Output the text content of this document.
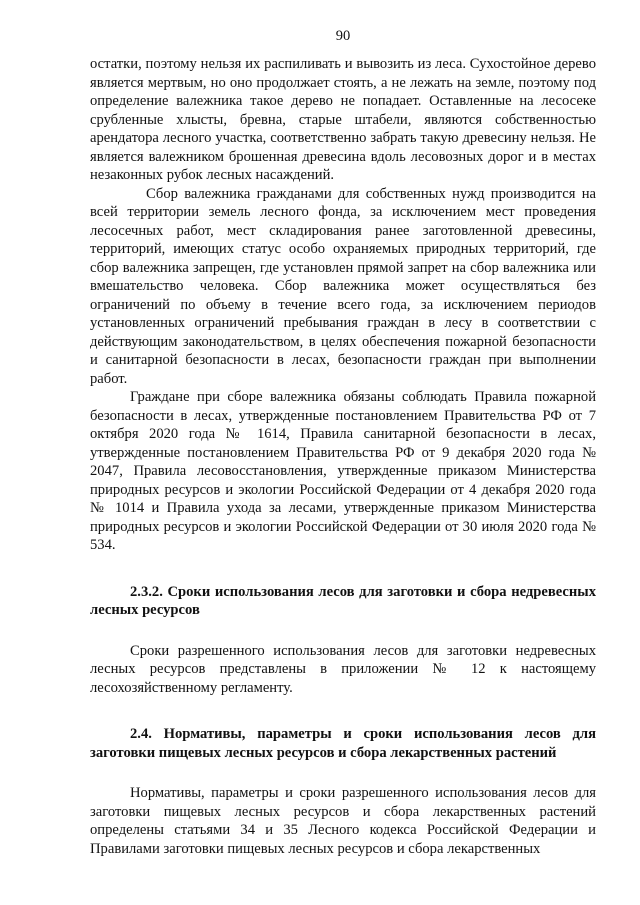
90

остатки, поэтому нельзя их распиливать и вывозить из леса. Сухостойное дерево является мертвым, но оно продолжает стоять, а не лежать на земле, поэтому под определение валежника такое дерево не попадает. Оставленные на лесосеке срубленные хлысты, бревна, старые штабели, являются собственностью арендатора лесного участка, соответственно забрать такую древесину нельзя. Не является валежником брошенная древесина вдоль лесовозных дорог и в местах незаконных рубок лесных насаждений.

Сбор валежника гражданами для собственных нужд производится на всей территории земель лесного фонда, за исключением мест проведения лесосечных работ, мест складирования ранее заготовленной древесины, территорий, имеющих статус особо охраняемых природных территорий, где сбор валежника запрещен, где установлен прямой запрет на сбор валежника или вмешательство человека. Сбор валежника может осуществляться без ограничений по объему в течение всего года, за исключением периодов установленных ограничений пребывания граждан в лесу в соответствии с действующим законодательством, в целях обеспечения пожарной безопасности и санитарной безопасности в лесах, безопасности граждан при выполнении работ.

Граждане при сборе валежника обязаны соблюдать Правила пожарной безопасности в лесах, утвержденные постановлением Правительства РФ от 7 октября 2020 года № 1614, Правила санитарной безопасности в лесах, утвержденные постановлением Правительства РФ от 9 декабря 2020 года № 2047, Правила лесовосстановления, утвержденные приказом Министерства природных ресурсов и экологии Российской Федерации от 4 декабря 2020 года № 1014 и Правила ухода за лесами, утвержденные приказом Министерства природных ресурсов и экологии Российской Федерации от 30 июля 2020 года № 534.

2.3.2. Сроки использования лесов для заготовки и сбора недревесных лесных ресурсов

Сроки разрешенного использования лесов для заготовки недревесных лесных ресурсов представлены в приложении № 12 к настоящему лесохозяйственному регламенту.

2.4. Нормативы, параметры и сроки использования лесов для заготовки пищевых лесных ресурсов и сбора лекарственных растений

Нормативы, параметры и сроки разрешенного использования лесов для заготовки пищевых лесных ресурсов и сбора лекарственных растений определены статьями 34 и 35 Лесного кодекса Российской Федерации и Правилами заготовки пищевых лесных ресурсов и сбора лекарственных
